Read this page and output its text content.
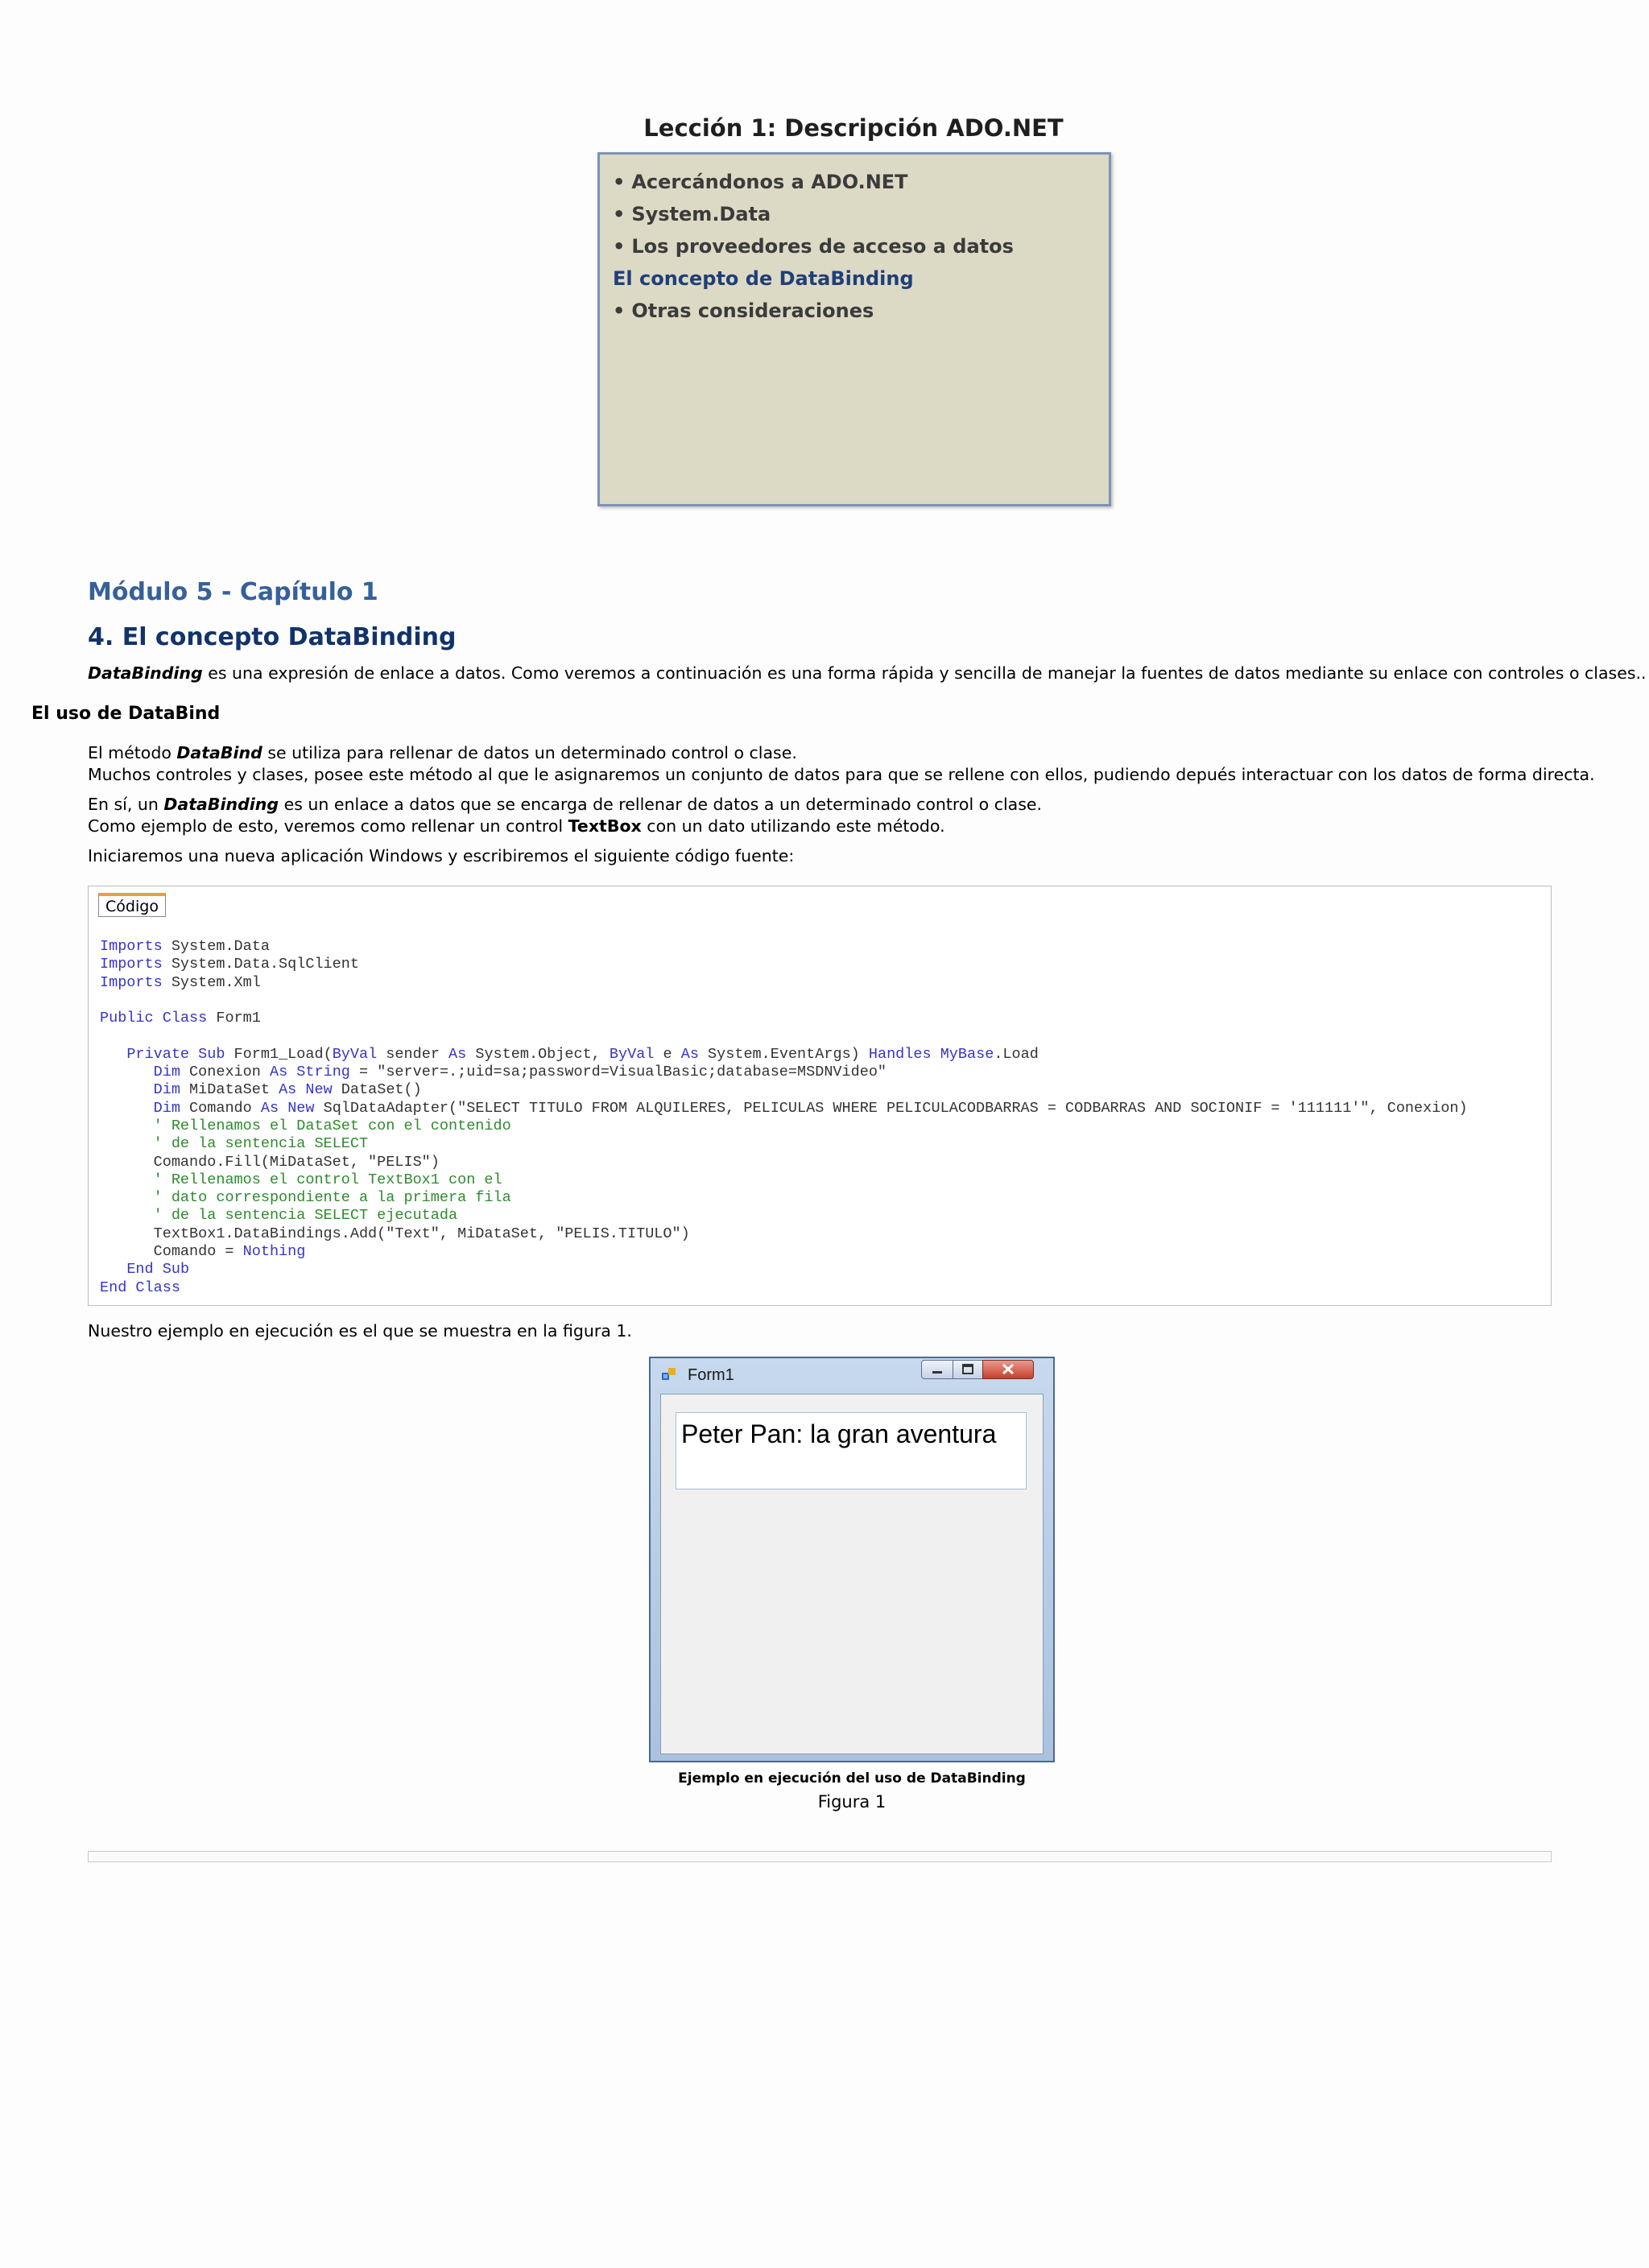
Lección 1: Descripción ADO.NET
• Acercándonos a ADO.NET
• System.Data
• Los proveedores de acceso a datos
El concepto de DataBinding
• Otras consideraciones
Módulo 5 - Capítulo 1
4. El concepto DataBinding
DataBinding es una expresión de enlace a datos. Como veremos a continuación es una forma rápida y sencilla de manejar la fuentes de datos mediante su enlace con controles o clases..
El uso de DataBind
El método DataBind se utiliza para rellenar de datos un determinado control o clase.
Muchos controles y clases, posee este método al que le asignaremos un conjunto de datos para que se rellene con ellos, pudiendo depués interactuar con los datos de forma directa.
En sí, un DataBinding es un enlace a datos que se encarga de rellenar de datos a un determinado control o clase.
Como ejemplo de esto, veremos como rellenar un control TextBox con un dato utilizando este método.
Iniciaremos una nueva aplicación Windows y escribiremos el siguiente código fuente:
Código
Imports System.Data
Imports System.Data.SqlClient
Imports System.Xml

Public Class Form1

Private Sub Form1_Load(ByVal sender As System.Object, ByVal e As System.EventArgs) Handles MyBase.Load
Dim Conexion As String = "server=.;uid=sa;password=VisualBasic;database=MSDNVideo"
Dim MiDataSet As New DataSet()
Dim Comando As New SqlDataAdapter("SELECT TITULO FROM ALQUILERES, PELICULAS WHERE PELICULACODBARRAS = CODBARRAS AND SOCIONIF = '111111'", Conexion)
' Rellenamos el DataSet con el contenido
' de la sentencia SELECT
Comando.Fill(MiDataSet, "PELIS")
' Rellenamos el control TextBox1 con el
' dato correspondiente a la primera fila
' de la sentencia SELECT ejecutada
TextBox1.DataBindings.Add("Text", MiDataSet, "PELIS.TITULO")
Comando = Nothing
End Sub
End Class
Nuestro ejemplo en ejecución es el que se muestra en la figura 1.
Form1
Peter Pan: la gran aventura
Ejemplo en ejecución del uso de DataBinding
Figura 1
